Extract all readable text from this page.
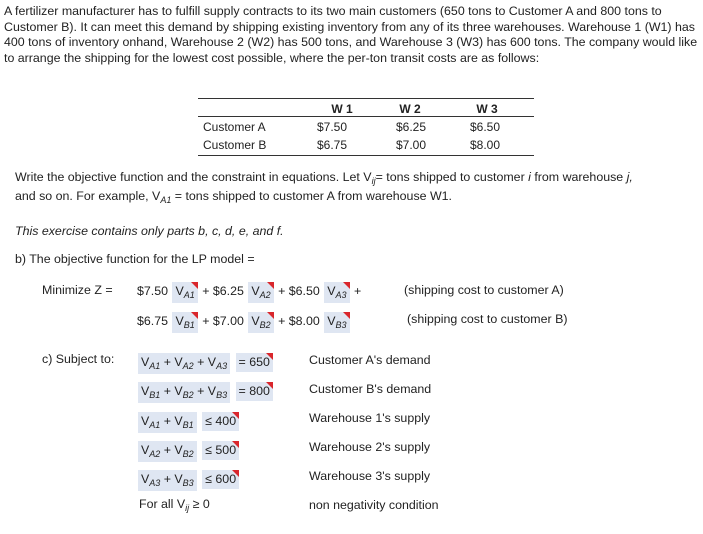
A fertilizer manufacturer has to fulfill supply contracts to its two main customers (650 tons to Customer A and 800 tons to Customer B). It can meet this demand by shipping existing inventory from any of its three warehouses. Warehouse 1 (W1) has 400 tons of inventory onhand, Warehouse 2 (W2) has 500 tons, and Warehouse 3 (W3) has 600 tons. The company would like to arrange the shipping for the lowest cost possible, where the per-ton transit costs are as follows:
W 1	W 2	W 3
Customer A	$7.50	$6.25	$6.50
Customer B	$6.75	$7.00	$8.00
Write the objective function and the constraint in equations. Let $V_{ij}=$ tons shipped to customer i from warehouse j,
and so on. For example, $V_{A1}$ = tons shipped to customer A from warehouse W1.
This exercise contains only parts b, c, d, e, and f.
b) The objective function for the LP model =
Minimize Z = $7.50 $V_{A1}$ + $6.25 $V_{A2}$ + $6.50 $V_{A3}$ +	(shipping cost to customer A)
$6.75 $V_{B1}$ + $7.00 $V_{B2}$ + $8.00 $V_{B3}$	(shipping cost to customer B)
c) Subject to:	$V_{A1} + V_{A2} + V_{A3} = 650$	Customer A's demand
$V_{B1} + V_{B2} + V_{B3} = 800$	Customer B's demand
$V_{A1} + V_{B1} \le 400$	Warehouse 1's supply
$V_{A2} + V_{B2} \le 500$	Warehouse 2's supply
$V_{A3} + V_{B3} \le 600$	Warehouse 3's supply
For all $V_{ij} \ge 0$	non negativity condition
